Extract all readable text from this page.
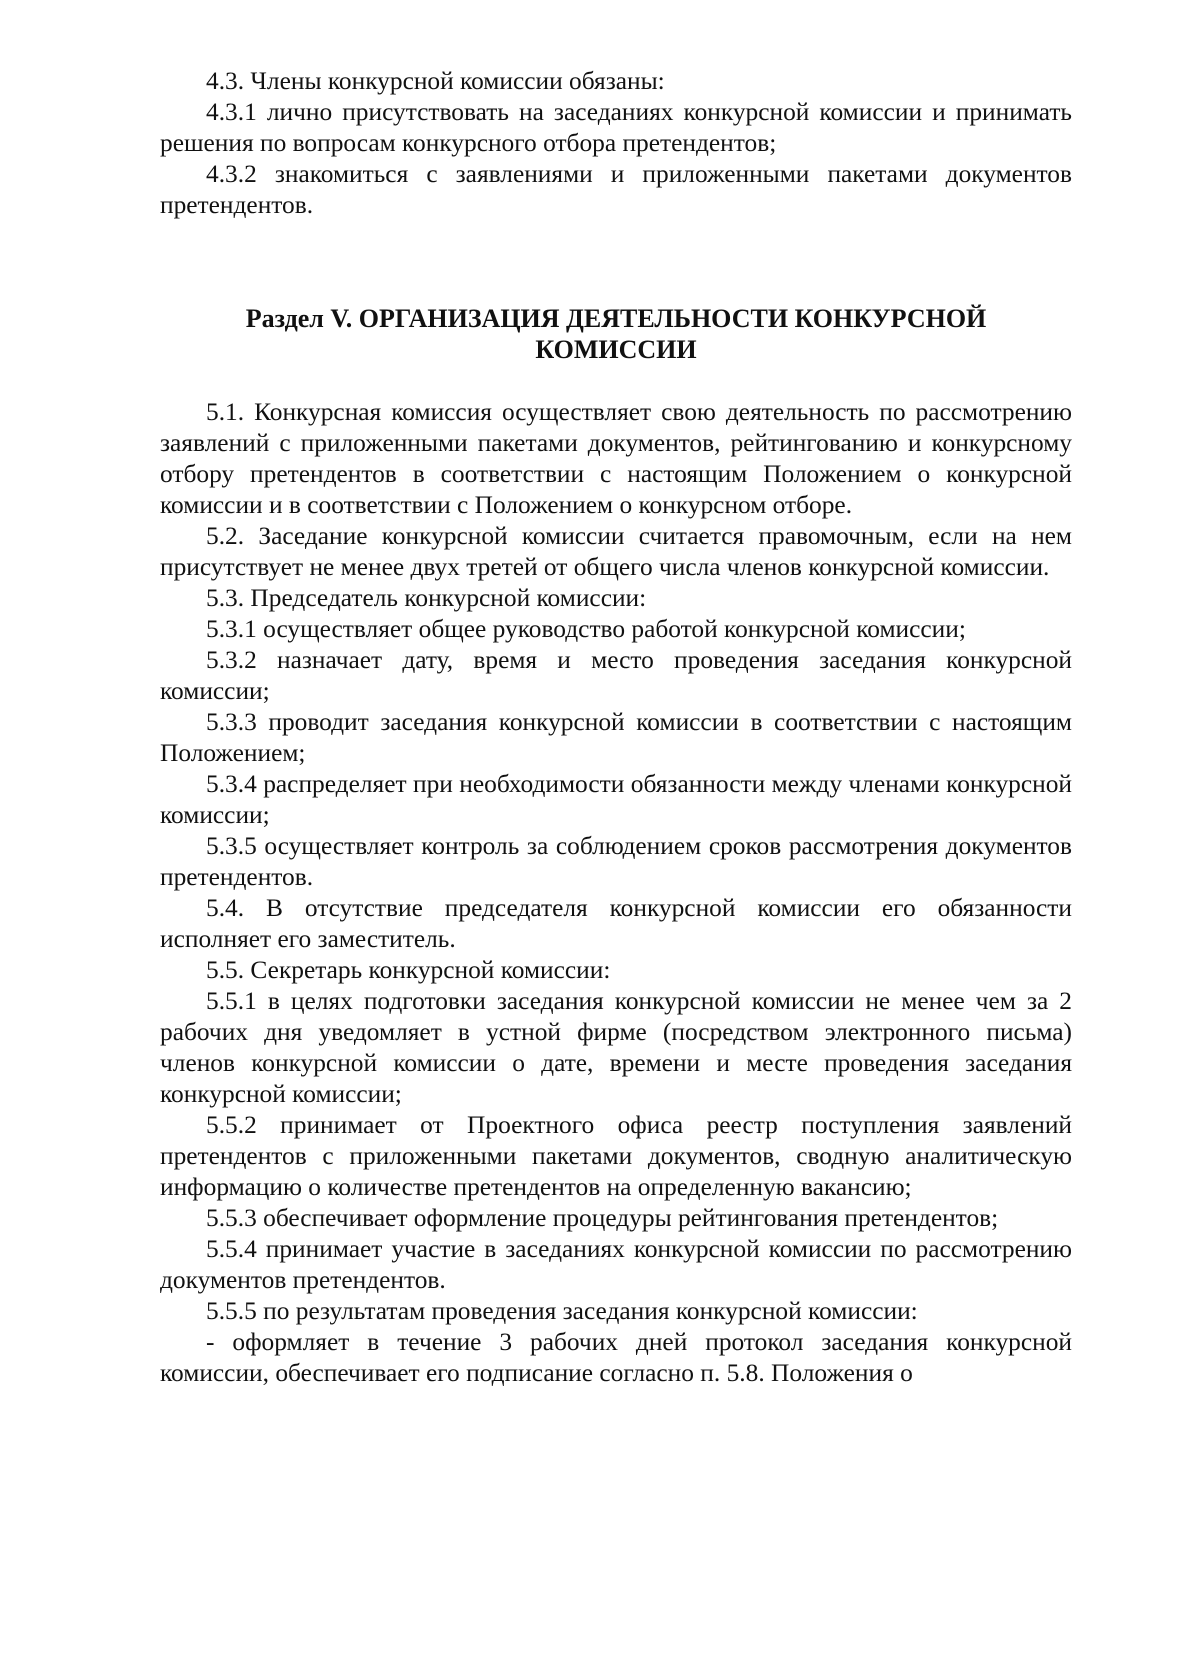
4.3. Члены конкурсной комиссии обязаны:

4.3.1 лично присутствовать на заседаниях конкурсной комиссии и принимать решения по вопросам конкурсного отбора претендентов;

4.3.2 знакомиться с заявлениями и приложенными пакетами документов претендентов.

Раздел V. ОРГАНИЗАЦИЯ ДЕЯТЕЛЬНОСТИ КОНКУРСНОЙ
КОМИССИИ

5.1. Конкурсная комиссия осуществляет свою деятельность по рассмотрению заявлений с приложенными пакетами документов, рейтингованию и конкурсному отбору претендентов в соответствии с настоящим Положением о конкурсной комиссии и в соответствии с Положением о конкурсном отборе.

5.2. Заседание конкурсной комиссии считается правомочным, если на нем присутствует не менее двух третей от общего числа членов конкурсной комиссии.

5.3. Председатель конкурсной комиссии:

5.3.1 осуществляет общее руководство работой конкурсной комиссии;

5.3.2 назначает дату, время и место проведения заседания конкурсной комиссии;

5.3.3 проводит заседания конкурсной комиссии в соответствии с настоящим Положением;

5.3.4 распределяет при необходимости обязанности между членами конкурсной комиссии;

5.3.5 осуществляет контроль за соблюдением сроков рассмотрения документов претендентов.

5.4. В отсутствие председателя конкурсной комиссии его обязанности исполняет его заместитель.

5.5. Секретарь конкурсной комиссии:

5.5.1 в целях подготовки заседания конкурсной комиссии не менее чем за 2 рабочих дня уведомляет в устной фирме (посредством электронного письма) членов конкурсной комиссии о дате, времени и месте проведения заседания конкурсной комиссии;

5.5.2 принимает от Проектного офиса реестр поступления заявлений претендентов с приложенными пакетами документов, сводную аналитическую информацию о количестве претендентов на определенную вакансию;

5.5.3 обеспечивает оформление процедуры рейтингования претендентов;

5.5.4 принимает участие в заседаниях конкурсной комиссии по рассмотрению документов претендентов.

5.5.5 по результатам проведения заседания конкурсной комиссии:

- оформляет в течение 3 рабочих дней протокол заседания конкурсной комиссии, обеспечивает его подписание согласно п. 5.8. Положения о
